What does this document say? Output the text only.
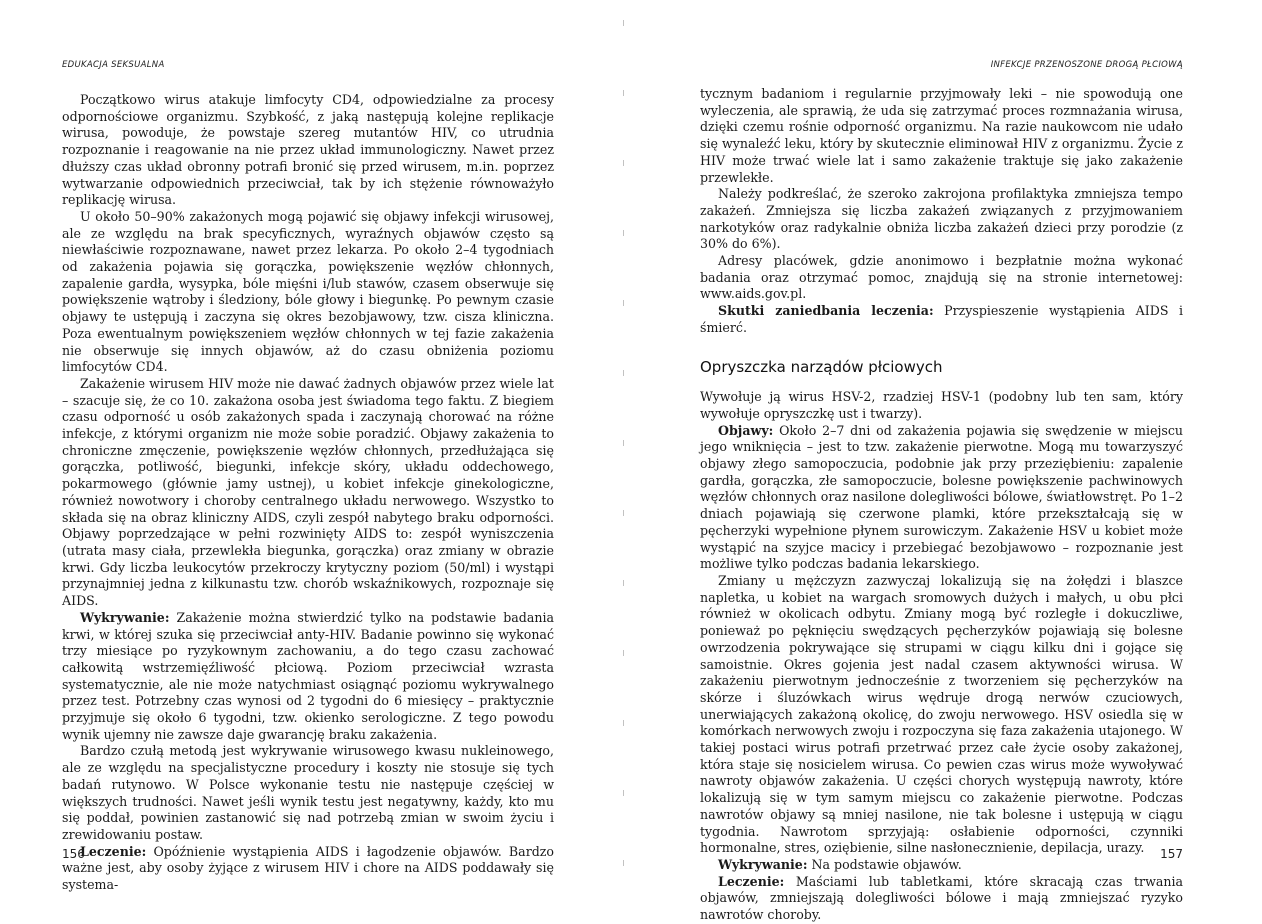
EDUKACJA SEKSUALNA

Początkowo wirus atakuje limfocyty CD4, odpowiedzialne za procesy odpornościowe organizmu. Szybkość, z jaką następują kolejne replikacje wirusa, powoduje, że powstaje szereg mutantów HIV, co utrudnia rozpoznanie i reagowanie na nie przez układ immunologiczny. Nawet przez dłuższy czas układ obronny potrafi bronić się przed wirusem, m.in. poprzez wytwarzanie odpowiednich przeciwciał, tak by ich stężenie równoważyło replikację wirusa.

U około 50–90% zakażonych mogą pojawić się objawy infekcji wirusowej, ale ze względu na brak specyficznych, wyraźnych objawów często są niewłaściwie rozpoznawane, nawet przez lekarza. Po około 2–4 tygodniach od zakażenia pojawia się gorączka, powiększenie węzłów chłonnych, zapalenie gardła, wysypka, bóle mięśni i/lub stawów, czasem obserwuje się powiększenie wątroby i śledziony, bóle głowy i biegunkę. Po pewnym czasie objawy te ustępują i zaczyna się okres bezobjawowy, tzw. cisza kliniczna. Poza ewentualnym powiększeniem węzłów chłonnych w tej fazie zakażenia nie obserwuje się innych objawów, aż do czasu obniżenia poziomu limfocytów CD4.

Zakażenie wirusem HIV może nie dawać żadnych objawów przez wiele lat – szacuje się, że co 10. zakażona osoba jest świadoma tego faktu. Z biegiem czasu odporność u osób zakażonych spada i zaczynają chorować na różne infekcje, z którymi organizm nie może sobie poradzić. Objawy zakażenia to chroniczne zmęczenie, powiększenie węzłów chłonnych, przedłużająca się gorączka, potliwość, biegunki, infekcje skóry, układu oddechowego, pokarmowego (głównie jamy ustnej), u kobiet infekcje ginekologiczne, również nowotwory i choroby centralnego układu nerwowego. Wszystko to składa się na obraz kliniczny AIDS, czyli zespół nabytego braku odporności. Objawy poprzedzające w pełni rozwinięty AIDS to: zespół wyniszczenia (utrata masy ciała, przewlekła biegunka, gorączka) oraz zmiany w obrazie krwi. Gdy liczba leukocytów przekroczy krytyczny poziom (50/ml) i wystąpi przynajmniej jedna z kilkunastu tzw. chorób wskaźnikowych, rozpoznaje się AIDS.

Wykrywanie: Zakażenie można stwierdzić tylko na podstawie badania krwi, w której szuka się przeciwciał anty-HIV. Badanie powinno się wykonać trzy miesiące po ryzykownym zachowaniu, a do tego czasu zachować całkowitą wstrzemięźliwość płciową. Poziom przeciwciał wzrasta systematycznie, ale nie może natychmiast osiągnąć poziomu wykrywalnego przez test. Potrzebny czas wynosi od 2 tygodni do 6 miesięcy – praktycznie przyjmuje się około 6 tygodni, tzw. okienko serologiczne. Z tego powodu wynik ujemny nie zawsze daje gwarancję braku zakażenia.

Bardzo czułą metodą jest wykrywanie wirusowego kwasu nukleinowego, ale ze względu na specjalistyczne procedury i koszty nie stosuje się tych badań rutynowo. W Polsce wykonanie testu nie następuje częściej w większych trudności. Nawet jeśli wynik testu jest negatywny, każdy, kto mu się poddał, powinien zastanowić się nad potrzebą zmian w swoim życiu i zrewidowaniu postaw.

Leczenie: Opóźnienie wystąpienia AIDS i łagodzenie objawów. Bardzo ważne jest, aby osoby żyjące z wirusem HIV i chore na AIDS poddawały się systema-

156
INFEKCJE PRZENOSZONE DROGĄ PŁCIOWĄ

tycznym badaniom i regularnie przyjmowały leki – nie spowodują one wyleczenia, ale sprawią, że uda się zatrzymać proces rozmnażania wirusa, dzięki czemu rośnie odporność organizmu. Na razie naukowcom nie udało się wynaleźć leku, który by skutecznie eliminował HIV z organizmu. Życie z HIV może trwać wiele lat i samo zakażenie traktuje się jako zakażenie przewlekłe.

Należy podkreślać, że szeroko zakrojona profilaktyka zmniejsza tempo zakażeń. Zmniejsza się liczba zakażeń związanych z przyjmowaniem narkotyków oraz radykalnie obniża liczba zakażeń dzieci przy porodzie (z 30% do 6%).

Adresy placówek, gdzie anonimowo i bezpłatnie można wykonać badania oraz otrzymać pomoc, znajdują się na stronie internetowej: www.aids.gov.pl.

Skutki zaniedbania leczenia: Przyspieszenie wystąpienia AIDS i śmierć.

Opryszczka narządów płciowych

Wywołuje ją wirus HSV-2, rzadziej HSV-1 (podobny lub ten sam, który wywołuje opryszczkę ust i twarzy).

Objawy: Około 2–7 dni od zakażenia pojawia się swędzenie w miejscu jego wniknięcia – jest to tzw. zakażenie pierwotne. Mogą mu towarzyszyć objawy złego samopoczucia, podobnie jak przy przeziębieniu: zapalenie gardła, gorączka, złe samopoczucie, bolesne powiększenie pachwinowych węzłów chłonnych oraz nasilone dolegliwości bólowe, światłowstręt. Po 1–2 dniach pojawiają się czerwone plamki, które przekształcają się w pęcherzyki wypełnione płynem surowiczym. Zakażenie HSV u kobiet może wystąpić na szyjce macicy i przebiegać bezobjawowo – rozpoznanie jest możliwe tylko podczas badania lekarskiego.

Zmiany u mężczyzn zazwyczaj lokalizują się na żołędzi i blaszce napletka, u kobiet na wargach sromowych dużych i małych, u obu płci również w okolicach odbytu. Zmiany mogą być rozległe i dokuczliwe, ponieważ po pęknięciu swędzących pęcherzyków pojawiają się bolesne owrzodzenia pokrywające się strupami w ciągu kilku dni i gojące się samoistnie. Okres gojenia jest nadal czasem aktywności wirusa. W zakażeniu pierwotnym jednocześnie z tworzeniem się pęcherzyków na skórze i śluzówkach wirus wędruje drogą nerwów czuciowych, unerwiających zakażoną okolicę, do zwoju nerwowego. HSV osiedla się w komórkach nerwowych zwoju i rozpoczyna się faza zakażenia utajonego. W takiej postaci wirus potrafi przetrwać przez całe życie osoby zakażonej, która staje się nosicielem wirusa. Co pewien czas wirus może wywoływać nawroty objawów zakażenia. U części chorych występują nawroty, które lokalizują się w tym samym miejscu co zakażenie pierwotne. Podczas nawrotów objawy są mniej nasilone, nie tak bolesne i ustępują w ciągu tygodnia. Nawrotom sprzyjają: osłabienie odporności, czynniki hormonalne, stres, oziębienie, silne nasłonecznienie, depilacja, urazy.

Wykrywanie: Na podstawie objawów.

Leczenie: Maściami lub tabletkami, które skracają czas trwania objawów, zmniejszają dolegliwości bólowe i mają zmniejszać ryzyko nawrotów choroby.

157
